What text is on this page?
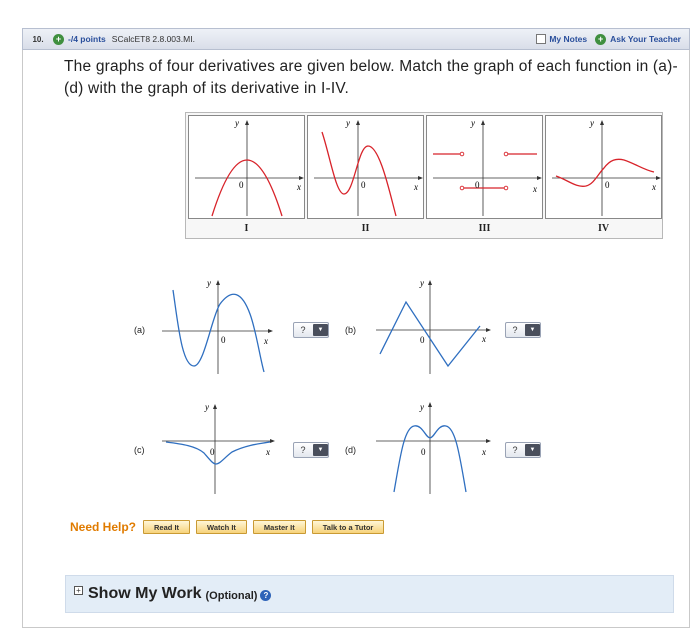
10.	+ -/4 points SCalcET8 2.8.003.MI.	My Notes	+ Ask Your Teacher
The graphs of four derivatives are given below. Match the graph of each function in (a)-(d) with the graph of its derivative in I-IV.
y
x
0
I
y
x
0
II
y
x
0
III
y
x
0
IV
(a)
y
x
0
?	▼	(b)
y
x
0
?	▼
(c)
y
x
0	?	▼	(d)
y
x
0	?	▼
Need Help?	Read It	Watch It	Master It	Talk to a Tutor
+ Show My Work (Optional) ?
